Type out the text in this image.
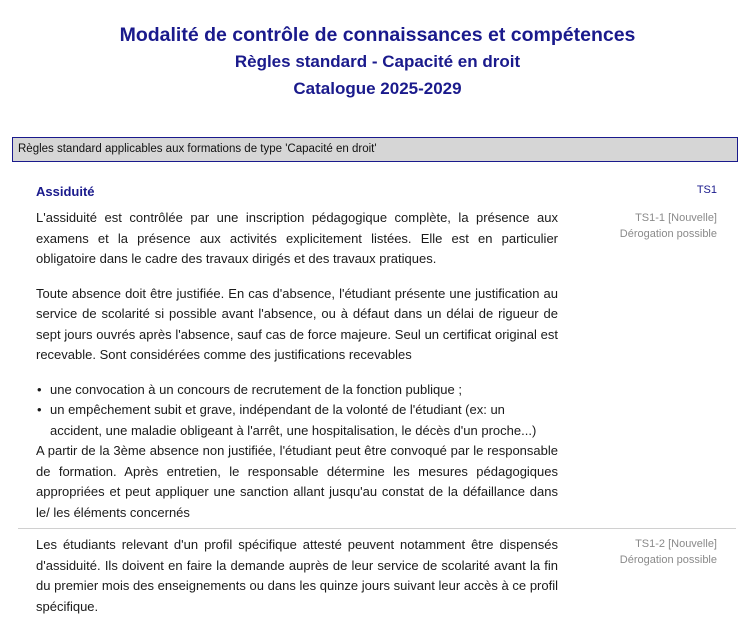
Modalité de contrôle de connaissances et compétences
Règles standard - Capacité en droit
Catalogue 2025-2029
Règles standard applicables aux formations de type 'Capacité en droit'
Assiduité	TS1
TS1-1 [Nouvelle]
Dérogation possible

L'assiduité est contrôlée par une inscription pédagogique complète, la présence aux examens et la présence aux activités explicitement listées. Elle est en particulier obligatoire dans le cadre des travaux dirigés et des travaux pratiques.

Toute absence doit être justifiée. En cas d'absence, l'étudiant présente une justification au service de scolarité si possible avant l'absence, ou à défaut dans un délai de rigueur de sept jours ouvrés après l'absence, sauf cas de force majeure. Seul un certificat original est recevable. Sont considérées comme des justifications recevables

• une convocation à un concours de recrutement de la fonction publique ;
• un empêchement subit et grave, indépendant de la volonté de l'étudiant (ex: un accident, une maladie obligeant à l'arrêt, une hospitalisation, le décès d'un proche...)

A partir de la 3ème absence non justifiée, l'étudiant peut être convoqué par le responsable de formation. Après entretien, le responsable détermine les mesures pédagogiques appropriées et peut appliquer une sanction allant jusqu'au constat de la défaillance dans le/ les éléments concernés

TS1-2 [Nouvelle]
Dérogation possible

Les étudiants relevant d'un profil spécifique attesté peuvent notamment être dispensés d'assiduité. Ils doivent en faire la demande auprès de leur service de scolarité avant la fin du premier mois des enseignements ou dans les quinze jours suivant leur accès à ce profil spécifique.
